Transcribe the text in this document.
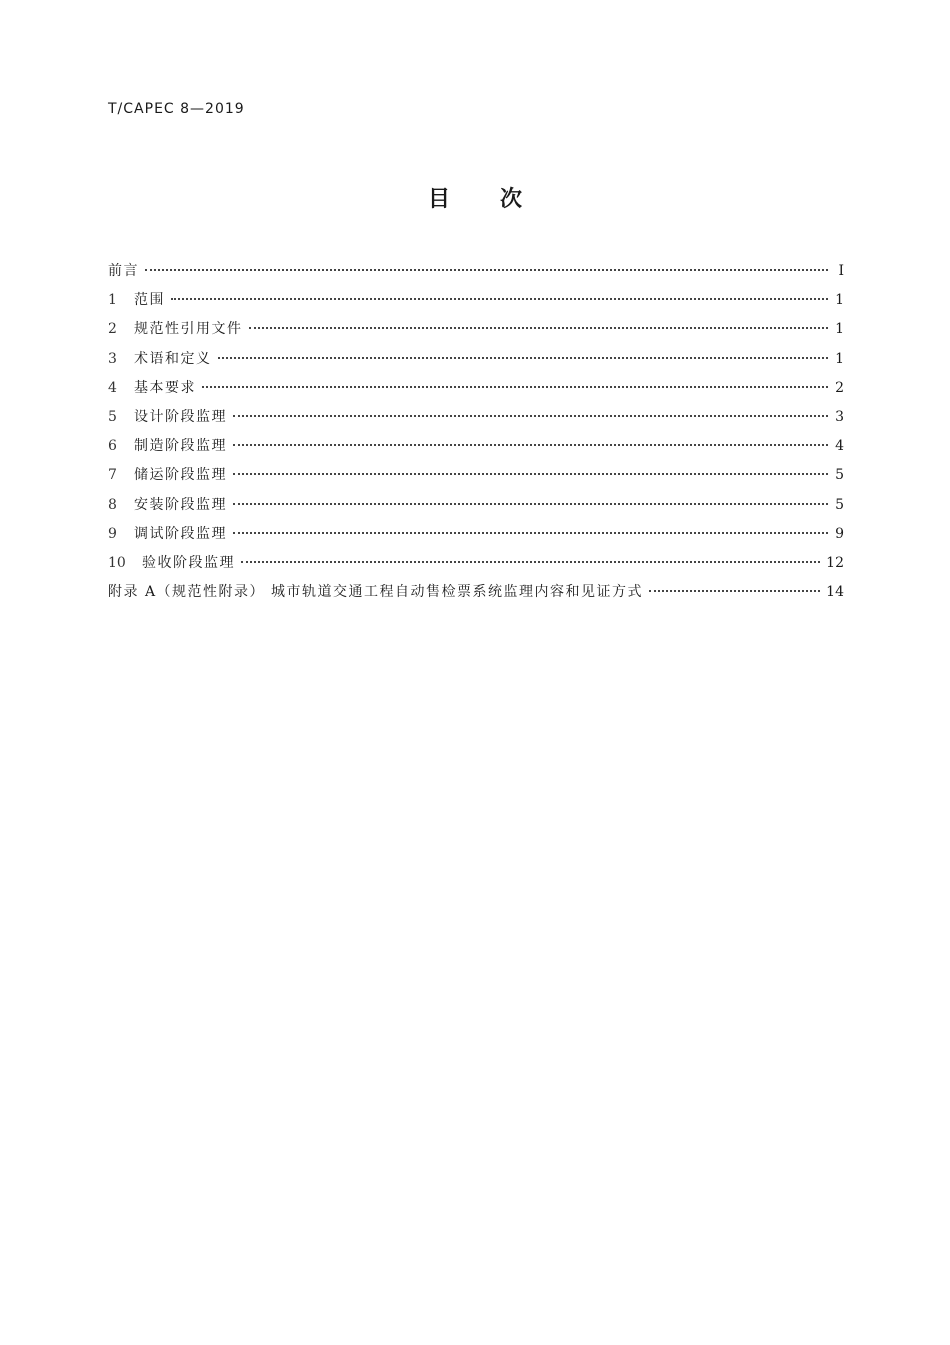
T/CAPEC 8—2019
目次
前言	I
1	范围	1
2	规范性引用文件	1
3	术语和定义	1
4	基本要求	2
5	设计阶段监理	3
6	制造阶段监理	4
7	储运阶段监理	5
8	安装阶段监理	5
9	调试阶段监理	9
10	验收阶段监理	12
附录 A（规范性附录） 城市轨道交通工程自动售检票系统监理内容和见证方式	14
